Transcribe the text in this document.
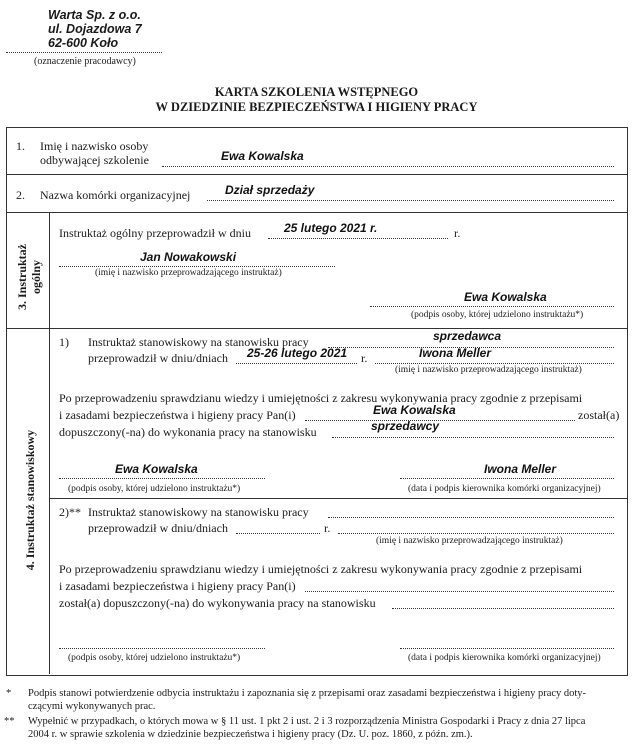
Warta Sp. z o.o.
ul. Dojazdowa 7
62-600 Koło
(oznaczenie pracodawcy)
KARTA SZKOLENIA WSTĘPNEGO
W DZIEDZINIE BEZPIECZEŃSTWA I HIGIENY PRACY
1. Imię i nazwisko osoby
odbywającej szkolenie	Ewa Kowalska
2. Nazwa komórki organizacyjnej	Dział sprzedaży
3. Instruktaż ogólny
Instruktaż ogólny przeprowadził w dniu	25 lutego 2021 r.	r.
Jan Nowakowski
(imię i nazwisko przeprowadzającego instruktaż)
Ewa Kowalska
(podpis osoby, której udzielono instruktażu*)
4. Instruktaż stanowiskowy
1) Instruktaż stanowiskowy na stanowisku pracy	sprzedawca
przeprowadził w dniu/dniach 25-26 lutego 2021 r.	Iwona Meller
(imię i nazwisko przeprowadzającego instruktaż)
Po przeprowadzeniu sprawdzianu wiedzy i umiejętności z zakresu wykonywania pracy zgodnie z przepisami
i zasadami bezpieczeństwa i higieny pracy Pan(i)	Ewa Kowalska	został(a)
dopuszczony(-na) do wykonania pracy na stanowisku	sprzedawcy
Ewa Kowalska
(podpis osoby, której udzielono instruktażu*)
Iwona Meller
(data i podpis kierownika komórki organizacyjnej)
2)** Instruktaż stanowiskowy na stanowisku pracy
przeprowadził w dniu/dniach	r.
(imię i nazwisko przeprowadzającego instruktaż)
Po przeprowadzeniu sprawdzianu wiedzy i umiejętności z zakresu wykonywania pracy zgodnie z przepisami
i zasadami bezpieczeństwa i higieny pracy Pan(i)
został(a) dopuszczony(-na) do wykonywania pracy na stanowisku
(podpis osoby, której udzielono instruktażu*)	(data i podpis kierownika komórki organizacyjnej)
* Podpis stanowi potwierdzenie odbycia instruktażu i zapoznania się z przepisami oraz zasadami bezpieczeństwa i higieny pracy doty-
czącymi wykonywanych prac.
** Wypełnić w przypadkach, o których mowa w § 11 ust. 1 pkt 2 i ust. 2 i 3 rozporządzenia Ministra Gospodarki i Pracy z dnia 27 lipca
2004 r. w sprawie szkolenia w dziedzinie bezpieczeństwa i higieny pracy (Dz. U. poz. 1860, z późn. zm.).
